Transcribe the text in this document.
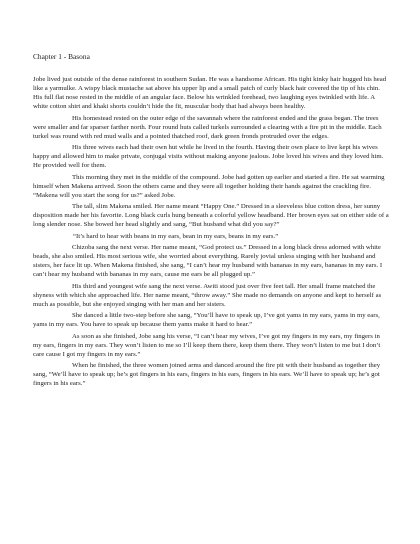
Chapter 1 - Basona

Jobe lived just outside of the dense rainforest in southern Sudan. He was a handsome African. His tight kinky hair hugged his head like a yarmulke. A wispy black mustache sat above his upper lip and a small patch of curly black hair covered the tip of his chin. His full flat nose rested in the middle of an angular face. Below his wrinkled forehead, two laughing eyes twinkled with life. A white cotton shirt and khaki shorts couldn’t hide the fit, muscular body that had always been healthy.

His homestead rested on the outer edge of the savannah where the rainforest ended and the grass began. The trees were smaller and far sparser farther north. Four round huts called turkels surrounded a clearing with a fire pit in the middle. Each turkel was round with red mud walls and a pointed thatched roof, dark green fronds protruded over the edges.

His three wives each had their own hut while he lived in the fourth. Having their own place to live kept his wives happy and allowed him to make private, conjugal visits without making anyone jealous. Jobe loved his wives and they loved him. He provided well for them.

This morning they met in the middle of the compound. Jobe had gotten up earlier and started a fire. He sat warming himself when Makena arrived. Soon the others came and they were all together holding their hands against the crackling fire. “Makena will you start the song for us?” asked Jobe.

The tall, slim Makena smiled. Her name meant “Happy One.” Dressed in a sleeveless blue cotton dress, her sunny disposition made her his favorite. Long black curls hung beneath a colorful yellow headband. Her brown eyes sat on either side of a long slender nose. She bowed her head slightly and sang, “But husband what did you say?”

“It’s hard to hear with beans in my ears, bean in my ears, beans in my ears.”

Chizoba sang the next verse. Her name meant, “God protect us.” Dressed in a long black dress adorned with white beads, she also smiled. His most serious wife, she worried about everything. Rarely jovial unless singing with her husband and sisters, her face lit up. When Makena finished, she sang, “I can’t hear my husband with bananas in my ears, bananas in my ears. I can’t hear my husband with bananas in my ears, cause me ears be all plugged up.”

His third and youngest wife sang the next verse. Awiti stood just over five feet tall. Her small frame matched the shyness with which she approached life. Her name meant, “throw away.” She made no demands on anyone and kept to herself as much as possible, but she enjoyed singing with her man and her sisters.

She danced a little two-step before she sang, “You’ll have to speak up, I’ve got yams in my ears, yams in my ears, yams in my ears. You have to speak up because them yams make it hard to hear.”

As soon as she finished, Jobe sang his verse, “I can’t hear my wives, I’ve got my fingers in my ears, my fingers in my ears, fingers in my ears. They won’t listen to me so I’ll keep them there, keep them there. They won’t listen to me but I don’t care cause I got my fingers in my ears.”

When he finished, the three women joined arms and danced around the fire pit with their husband as together they sang, “We’ll have to speak up; he’s got fingers in his ears, fingers in his ears, fingers in his ears. We’ll have to speak up; he’s got fingers in his ears.”
